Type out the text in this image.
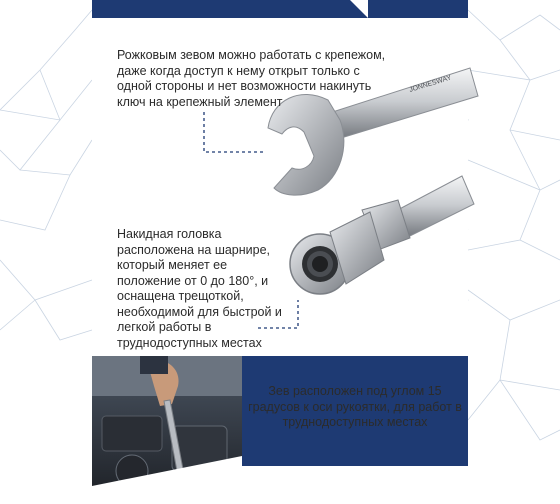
JONNESWAY
Рожковым зевом можно работать с крепежом,
даже когда доступ к нему открыт только с
одной стороны и нет возможности накинуть
ключ на крепежный элемент
Накидная головка
расположена на шарнире,
который меняет ее
положение от 0 до 180°, и
оснащена трещоткой,
необходимой для быстрой и
легкой работы в
труднодоступных местах
Зев расположен под углом 15
градусов к оси рукоятки, для работ в
труднодоступных местах
